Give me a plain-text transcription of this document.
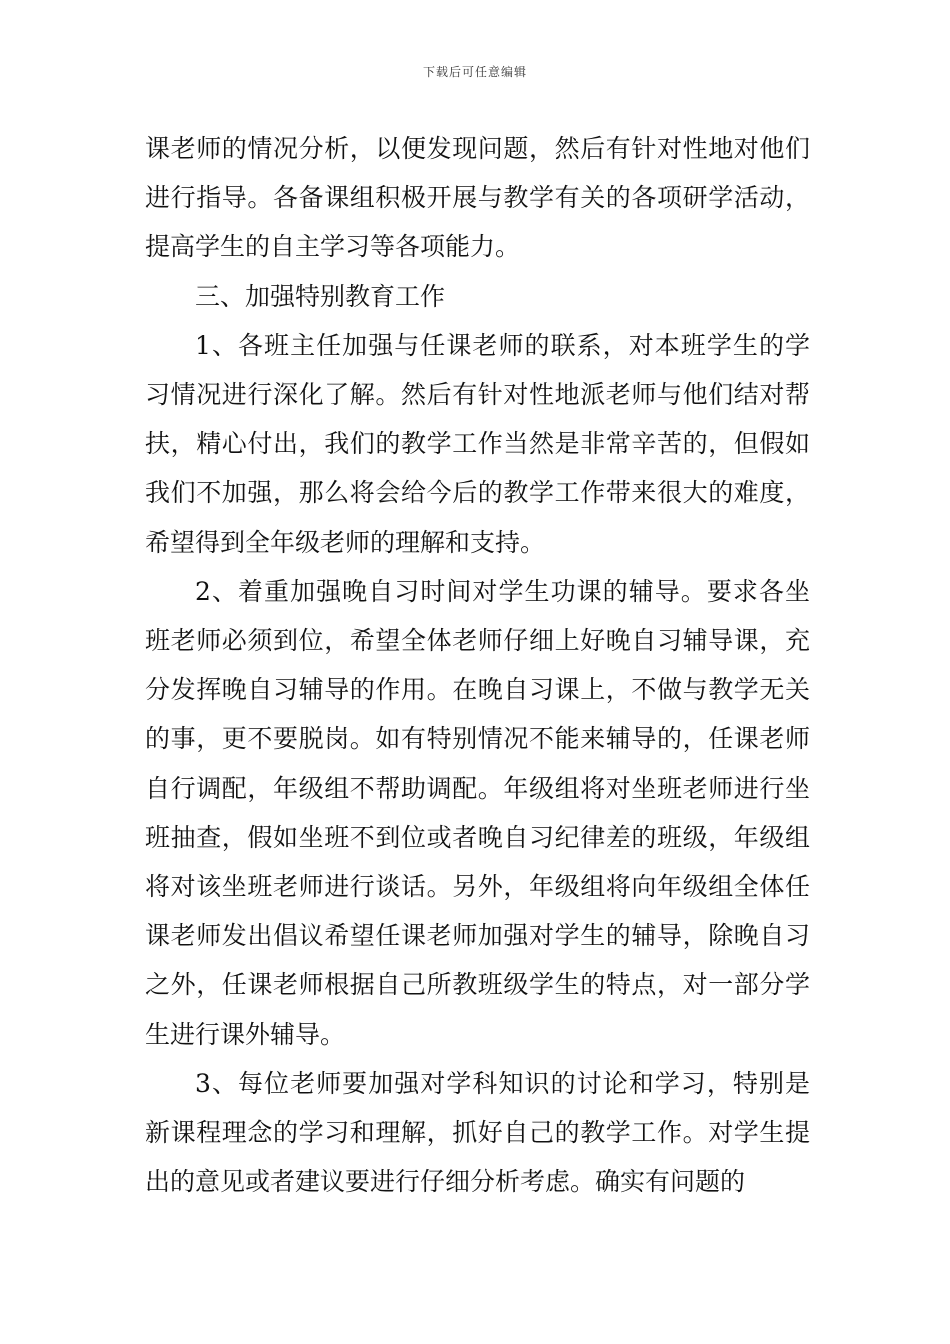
下载后可任意编辑

课老师的情况分析，以便发现问题，然后有针对性地对他们进行指导。各备课组积极开展与教学有关的各项研学活动，提高学生的自主学习等各项能力。

三、加强特别教育工作

1、各班主任加强与任课老师的联系，对本班学生的学习情况进行深化了解。然后有针对性地派老师与他们结对帮扶，精心付出，我们的教学工作当然是非常辛苦的，但假如我们不加强，那么将会给今后的教学工作带来很大的难度，希望得到全年级老师的理解和支持。

2、着重加强晚自习时间对学生功课的辅导。要求各坐班老师必须到位，希望全体老师仔细上好晚自习辅导课，充分发挥晚自习辅导的作用。在晚自习课上，不做与教学无关的事，更不要脱岗。如有特别情况不能来辅导的，任课老师自行调配，年级组不帮助调配。年级组将对坐班老师进行坐班抽查，假如坐班不到位或者晚自习纪律差的班级，年级组将对该坐班老师进行谈话。另外，年级组将向年级组全体任课老师发出倡议希望任课老师加强对学生的辅导，除晚自习之外，任课老师根据自己所教班级学生的特点，对一部分学生进行课外辅导。

3、每位老师要加强对学科知识的讨论和学习，特别是新课程理念的学习和理解，抓好自己的教学工作。对学生提出的意见或者建议要进行仔细分析考虑。确实有问题的
